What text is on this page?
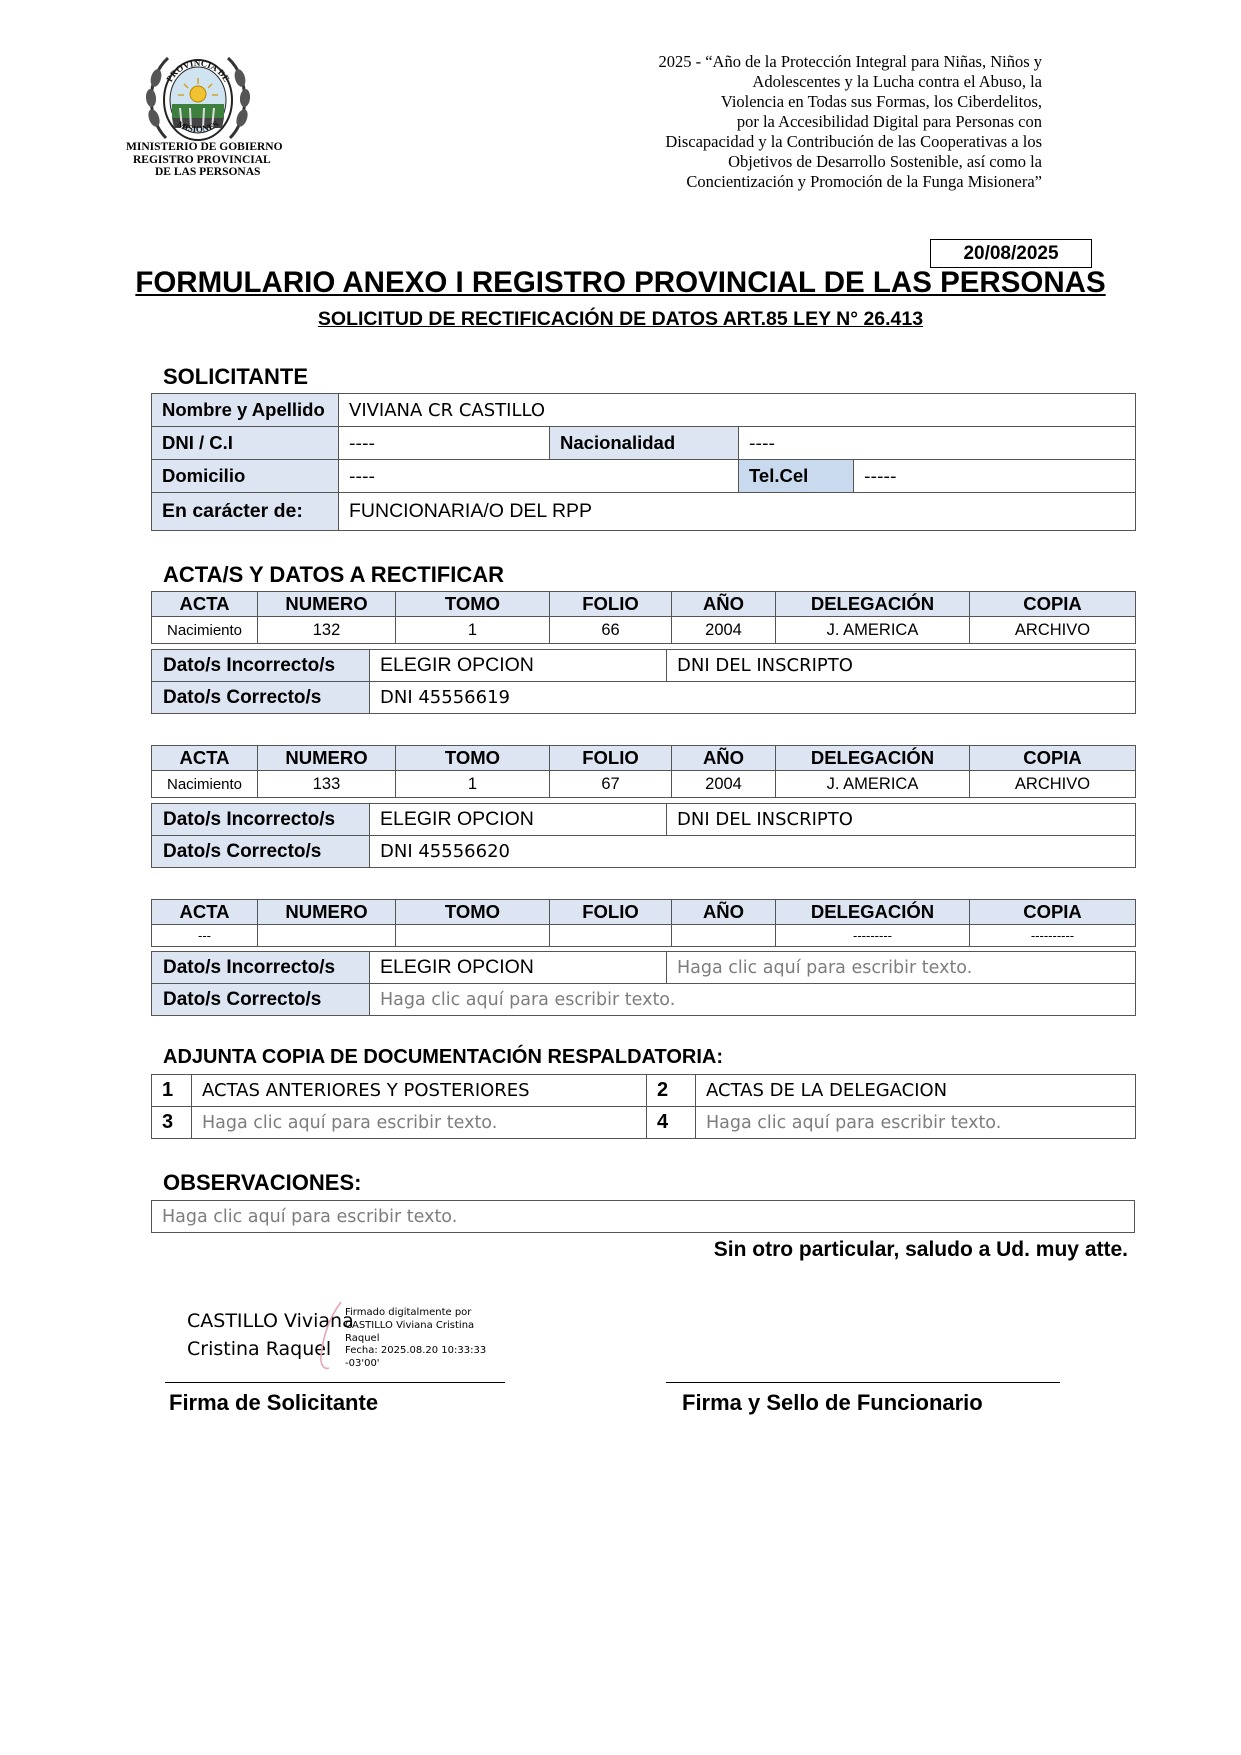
PROVINCIA DE
MISIONES
MINISTERIO DE GOBIERNO
REGISTRO PROVINCIAL
DE LAS PERSONAS
2025 - “Año de la Protección Integral para Niñas, Niños y
Adolescentes y la Lucha contra el Abuso, la
Violencia en Todas sus Formas, los Ciberdelitos,
por la Accesibilidad Digital para Personas con
Discapacidad y la Contribución de las Cooperativas a los
Objetivos de Desarrollo Sostenible, así como la
Concientización y Promoción de la Funga Misionera”
20/08/2025
FORMULARIO ANEXO I REGISTRO PROVINCIAL DE LAS PERSONAS
SOLICITUD DE RECTIFICACIÓN DE DATOS ART.85 LEY N° 26.413
SOLICITANTE
Nombre y Apellido	VIVIANA CR CASTILLO			
DNI / C.I	----	Nacionalidad	----	
Domicilio	----		Tel.Cel	-----
En carácter de:	FUNCIONARIA/O DEL RPP			
ACTA/S Y DATOS A RECTIFICAR
ACTA	NUMERO	TOMO	FOLIO	AÑO	DELEGACIÓN	COPIA
Nacimiento	132	1	66	2004	J. AMERICA	ARCHIVO
Dato/s Incorrecto/s	ELEGIR OPCION	DNI DEL INSCRIPTO
Dato/s Correcto/s	DNI 45556619	
ACTA	NUMERO	TOMO	FOLIO	AÑO	DELEGACIÓN	COPIA
Nacimiento	133	1	67	2004	J. AMERICA	ARCHIVO
Dato/s Incorrecto/s	ELEGIR OPCION	DNI DEL INSCRIPTO
Dato/s Correcto/s	DNI 45556620	
ACTA	NUMERO	TOMO	FOLIO	AÑO	DELEGACIÓN	COPIA
---					---------	----------
Dato/s Incorrecto/s	ELEGIR OPCION	Haga clic aquí para escribir texto.
Dato/s Correcto/s	Haga clic aquí para escribir texto.	
ADJUNTA COPIA DE DOCUMENTACIÓN RESPALDATORIA:
1	ACTAS ANTERIORES Y POSTERIORES	2	ACTAS DE LA DELEGACION
3	Haga clic aquí para escribir texto.	4	Haga clic aquí para escribir texto.
OBSERVACIONES:
Haga clic aquí para escribir texto.
Sin otro particular, saludo a Ud. muy atte.
CASTILLO Viviana
Cristina Raquel
Firmado digitalmente por
CASTILLO Viviana Cristina
Raquel
Fecha: 2025.08.20 10:33:33
-03'00'
Firma de Solicitante	Firma y Sello de Funcionario
